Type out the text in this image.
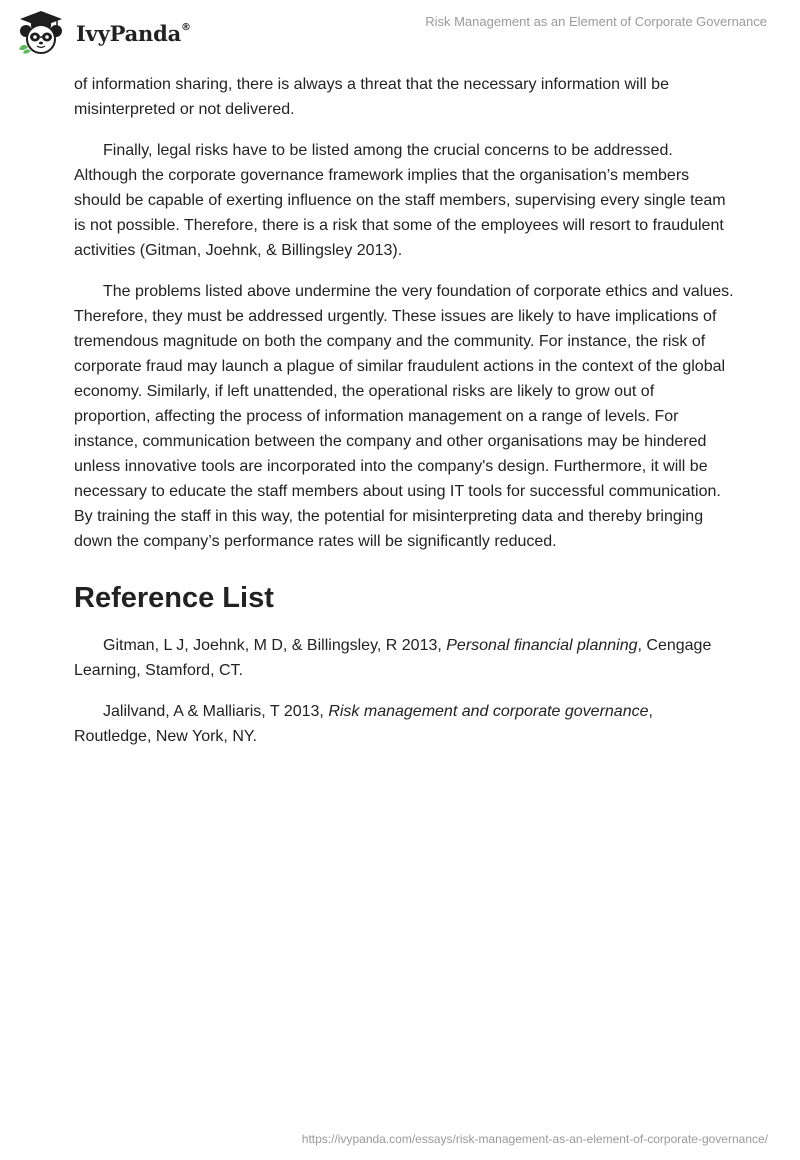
IvyPanda®	Risk Management as an Element of Corporate Governance

of information sharing, there is always a threat that the necessary information will be misinterpreted or not delivered.

Finally, legal risks have to be listed among the crucial concerns to be addressed. Although the corporate governance framework implies that the organisation’s members should be capable of exerting influence on the staff members, supervising every single team is not possible. Therefore, there is a risk that some of the employees will resort to fraudulent activities (Gitman, Joehnk, & Billingsley 2013).

The problems listed above undermine the very foundation of corporate ethics and values. Therefore, they must be addressed urgently. These issues are likely to have implications of tremendous magnitude on both the company and the community. For instance, the risk of corporate fraud may launch a plague of similar fraudulent actions in the context of the global economy. Similarly, if left unattended, the operational risks are likely to grow out of proportion, affecting the process of information management on a range of levels. For instance, communication between the company and other organisations may be hindered unless innovative tools are incorporated into the company's design. Furthermore, it will be necessary to educate the staff members about using IT tools for successful communication. By training the staff in this way, the potential for misinterpreting data and thereby bringing down the company’s performance rates will be significantly reduced.

Reference List

Gitman, L J, Joehnk, M D, & Billingsley, R 2013, Personal financial planning, Cengage Learning, Stamford, CT.

Jalilvand, A & Malliaris, T 2013, Risk management and corporate governance, Routledge, New York, NY.

https://ivypanda.com/essays/risk-management-as-an-element-of-corporate-governance/
